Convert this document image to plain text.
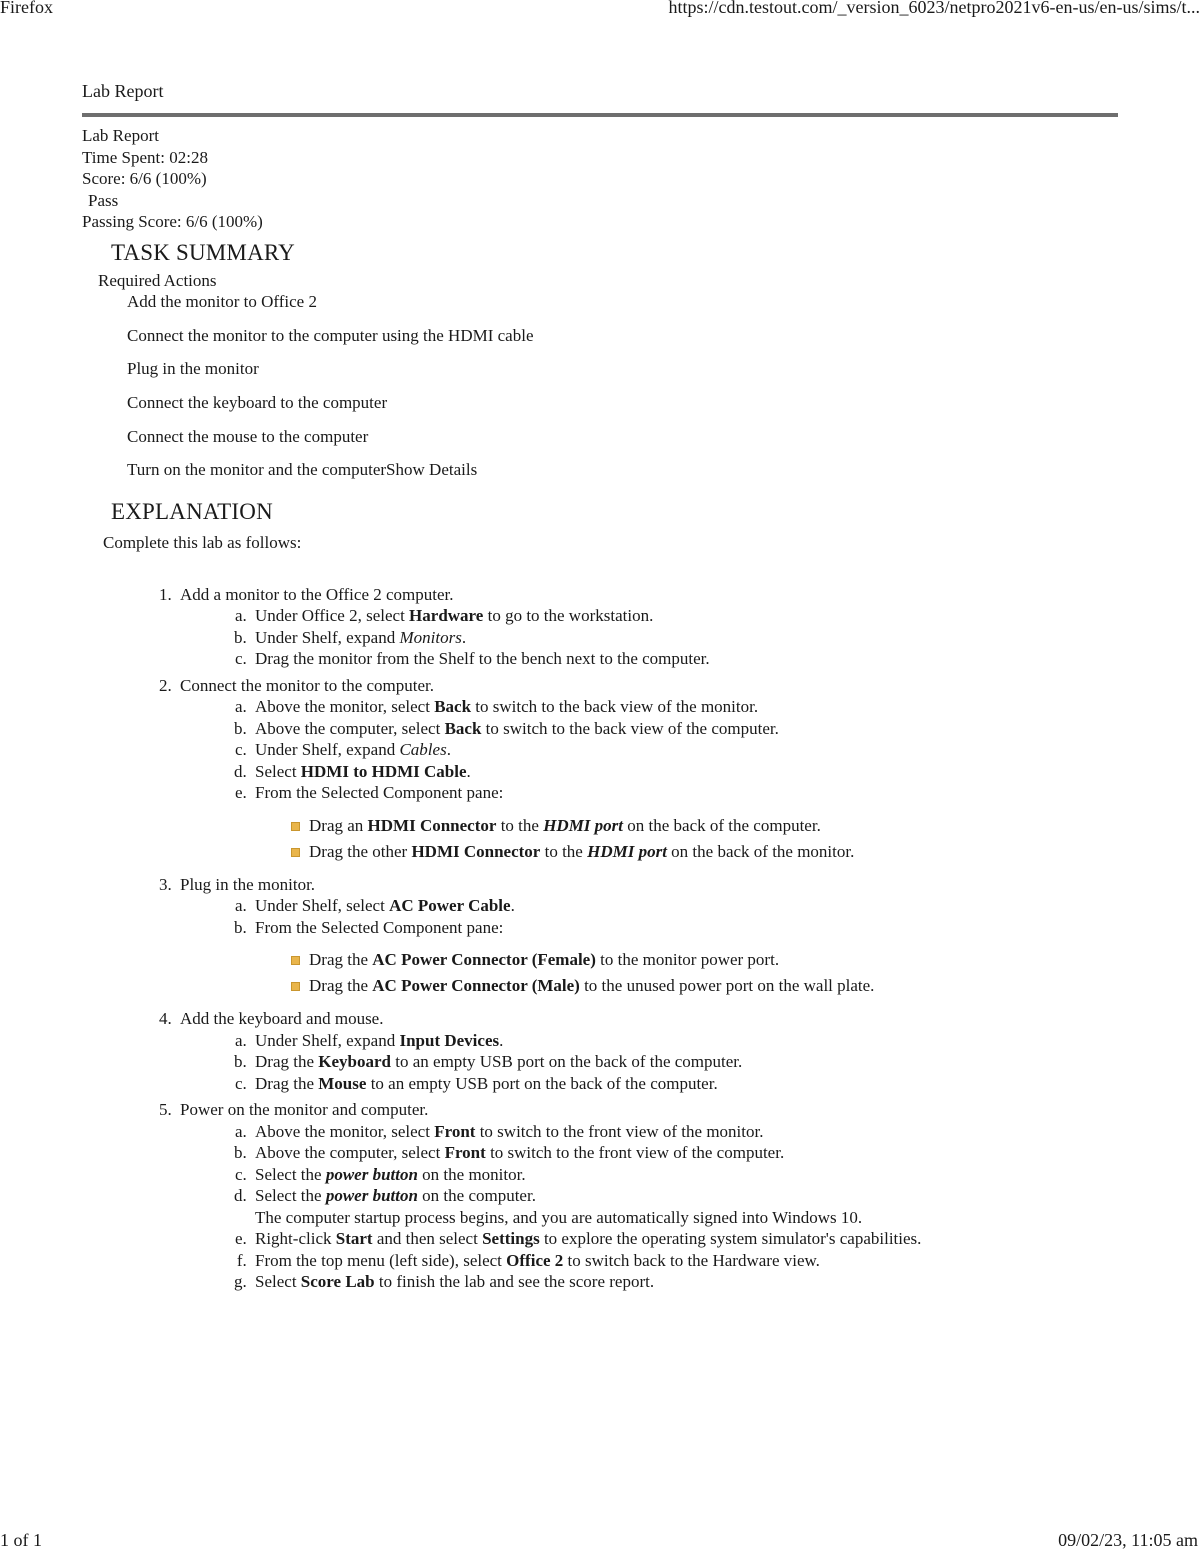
Firefox	https://cdn.testout.com/_version_6023/netpro2021v6-en-us/en-us/sims/t...
Lab Report
Lab Report
Time Spent: 02:28
Score: 6/6 (100%)
Pass
Passing Score: 6/6 (100%)
TASK SUMMARY
Required Actions
Add the monitor to Office 2
Connect the monitor to the computer using the HDMI cable
Plug in the monitor
Connect the keyboard to the computer
Connect the mouse to the computer
Turn on the monitor and the computerShow Details
EXPLANATION
Complete this lab as follows:
1. Add a monitor to the Office 2 computer.
a. Under Office 2, select Hardware to go to the workstation.
b. Under Shelf, expand Monitors.
c. Drag the monitor from the Shelf to the bench next to the computer.
2. Connect the monitor to the computer.
a. Above the monitor, select Back to switch to the back view of the monitor.
b. Above the computer, select Back to switch to the back view of the computer.
c. Under Shelf, expand Cables.
d. Select HDMI to HDMI Cable.
e. From the Selected Component pane:
Drag an HDMI Connector to the HDMI port on the back of the computer.
Drag the other HDMI Connector to the HDMI port on the back of the monitor.
3. Plug in the monitor.
a. Under Shelf, select AC Power Cable.
b. From the Selected Component pane:
Drag the AC Power Connector (Female) to the monitor power port.
Drag the AC Power Connector (Male) to the unused power port on the wall plate.
4. Add the keyboard and mouse.
a. Under Shelf, expand Input Devices.
b. Drag the Keyboard to an empty USB port on the back of the computer.
c. Drag the Mouse to an empty USB port on the back of the computer.
5. Power on the monitor and computer.
a. Above the monitor, select Front to switch to the front view of the monitor.
b. Above the computer, select Front to switch to the front view of the computer.
c. Select the power button on the monitor.
d. Select the power button on the computer.
The computer startup process begins, and you are automatically signed into Windows 10.
e. Right-click Start and then select Settings to explore the operating system simulator's capabilities.
f. From the top menu (left side), select Office 2 to switch back to the Hardware view.
g. Select Score Lab to finish the lab and see the score report.
1 of 1	09/02/23, 11:05 am
